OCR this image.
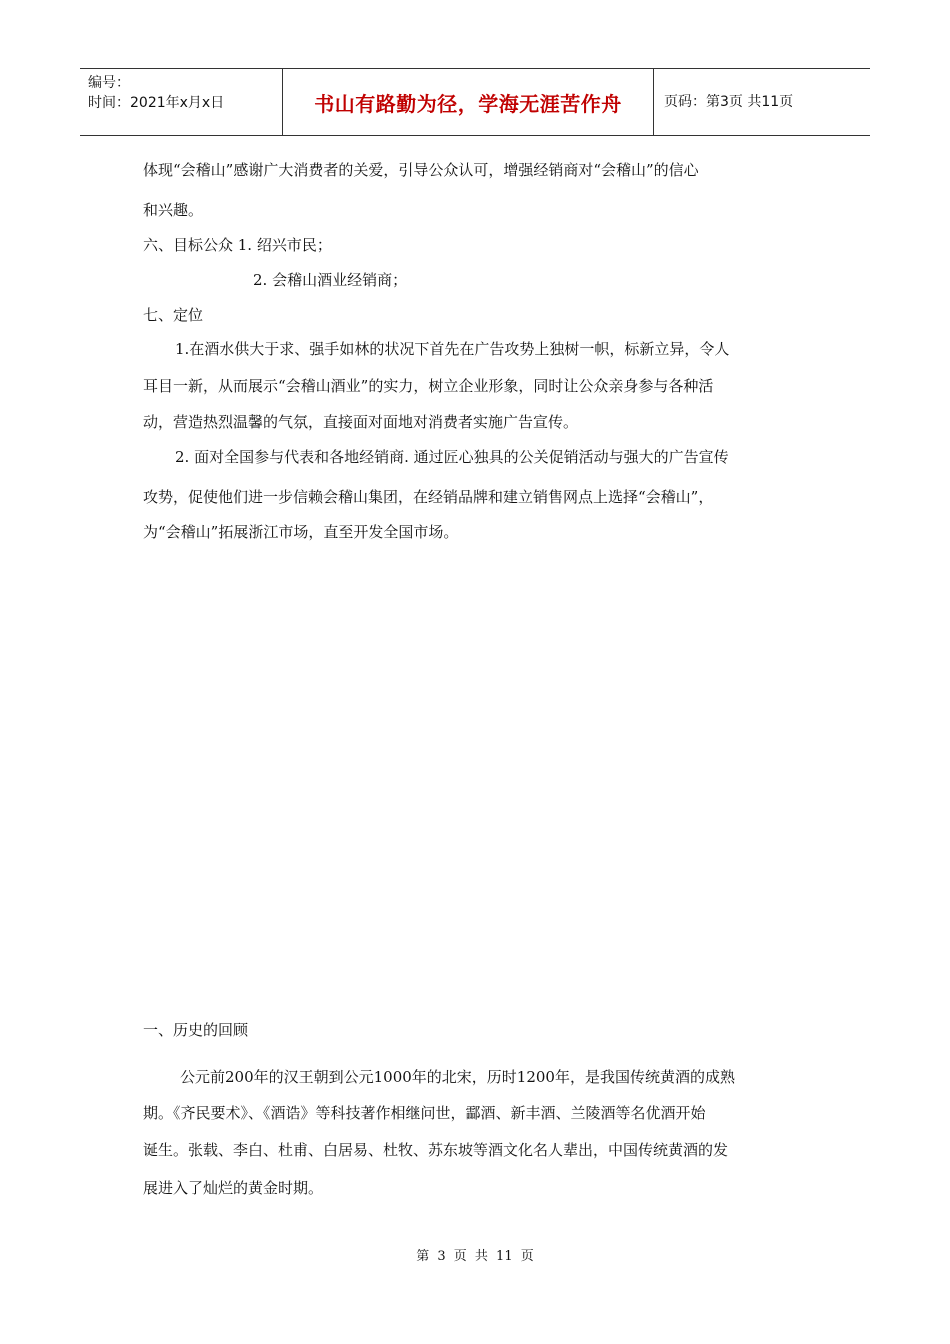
编号：
时间：2021年x月x日	书山有路勤为径，学海无涯苦作舟	页码：第3页 共11页
体现“会稽山”感谢广大消费者的关爱，引导公众认可，增强经销商对“会稽山”的信心
和兴趣。
六、目标公众 1. 绍兴市民；
2. 会稽山酒业经销商；
七、定位
1.在酒水供大于求、强手如林的状况下首先在广告攻势上独树一帜，标新立异，令人
耳目一新，从而展示“会稽山酒业”的实力，树立企业形象，同时让公众亲身参与各种活
动，营造热烈温馨的气氛，直接面对面地对消费者实施广告宣传。
2. 面对全国参与代表和各地经销商. 通过匠心独具的公关促销活动与强大的广告宣传
攻势，促使他们进一步信赖会稽山集团，在经销品牌和建立销售网点上选择“会稽山”，
为“会稽山”拓展浙江市场，直至开发全国市场。
一、历史的回顾
公元前200年的汉王朝到公元1000年的北宋，历时1200年，是我国传统黄酒的成熟
期。《齐民要术》、《酒诰》等科技著作相继问世，酃酒、新丰酒、兰陵酒等名优酒开始
诞生。张载、李白、杜甫、白居易、杜牧、苏东坡等酒文化名人辈出，中国传统黄酒的发
展进入了灿烂的黄金时期。
第 3 页 共 11 页
